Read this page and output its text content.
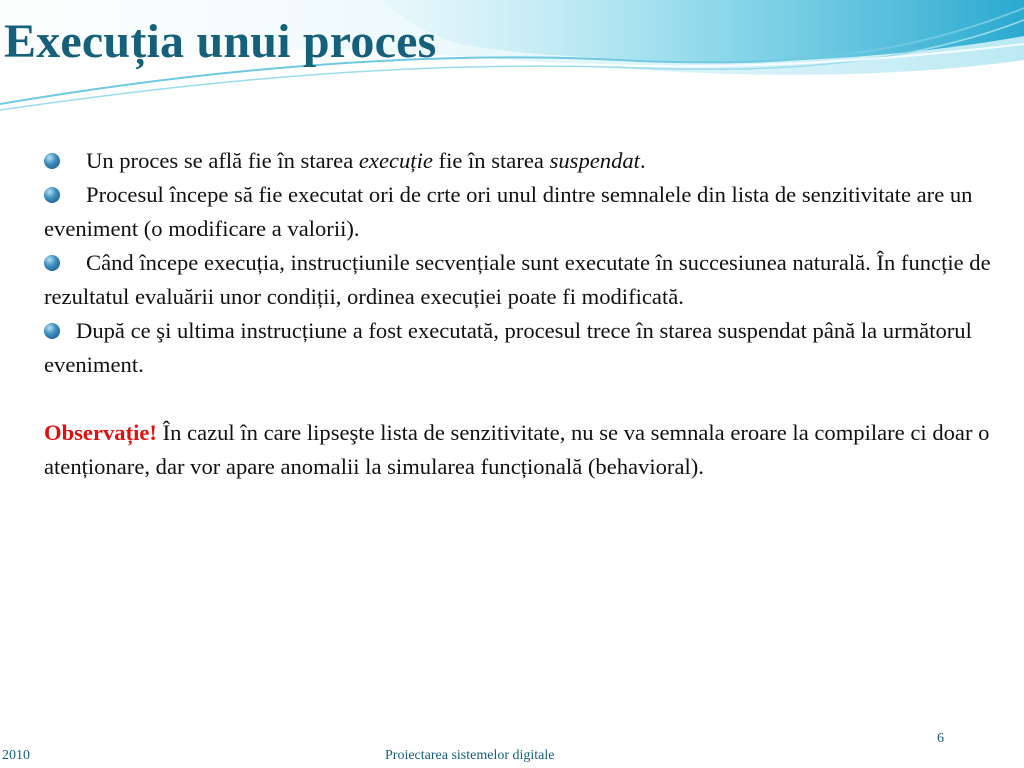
Execuția unui proces

Un proces se află fie în starea execuție fie în starea suspendat.

Procesul începe să fie executat ori de crte ori unul dintre semnalele din lista de senzitivitate are un eveniment (o modificare a valorii).

Când începe execuția, instrucțiunile secvențiale sunt executate în succesiunea naturală. În funcție de rezultatul evaluării unor condiții, ordinea execuției poate fi modificată.

După ce şi ultima instrucțiune a fost executată, procesul trece în starea suspendat până la următorul eveniment.

Observație! În cazul în care lipseşte lista de senzitivitate, nu se va semnala eroare la compilare ci doar o atenționare, dar vor apare anomalii la simularea funcțională (behavioral).

2010	Proiectarea sistemelor digitale
6
